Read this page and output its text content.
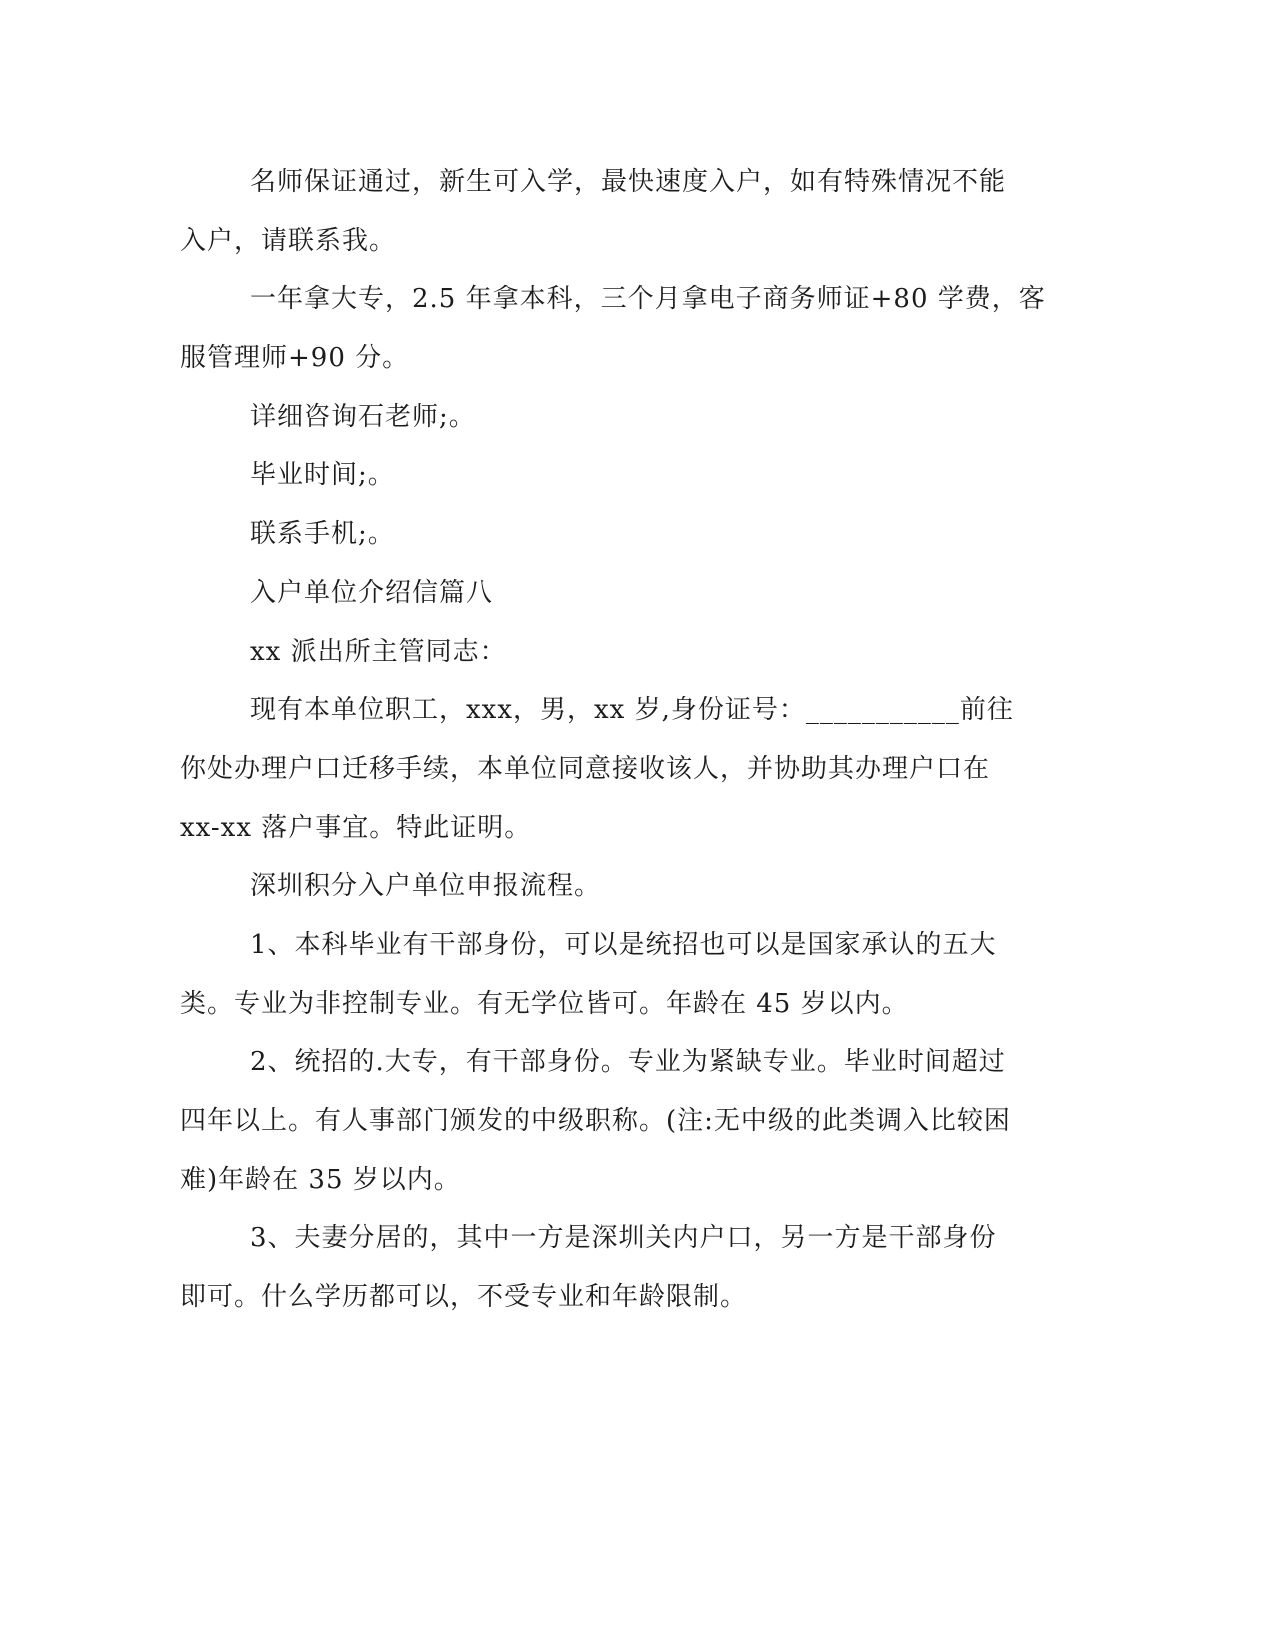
名师保证通过，新生可入学，最快速度入户，如有特殊情况不能
入户，请联系我。
一年拿大专，2.5 年拿本科，三个月拿电子商务师证+80 学费，客
服管理师+90 分。
详细咨询石老师;。
毕业时间;。
联系手机;。
入户单位介绍信篇八
xx 派出所主管同志：
现有本单位职工，xxx，男，xx 岁,身份证号：___________前往
你处办理户口迁移手续，本单位同意接收该人，并协助其办理户口在
xx-xx 落户事宜。特此证明。
深圳积分入户单位申报流程。
1、本科毕业有干部身份，可以是统招也可以是国家承认的五大
类。专业为非控制专业。有无学位皆可。年龄在 45 岁以内。
2、统招的.大专，有干部身份。专业为紧缺专业。毕业时间超过
四年以上。有人事部门颁发的中级职称。(注:无中级的此类调入比较困
难)年龄在 35 岁以内。
3、夫妻分居的，其中一方是深圳关内户口，另一方是干部身份
即可。什么学历都可以，不受专业和年龄限制。
